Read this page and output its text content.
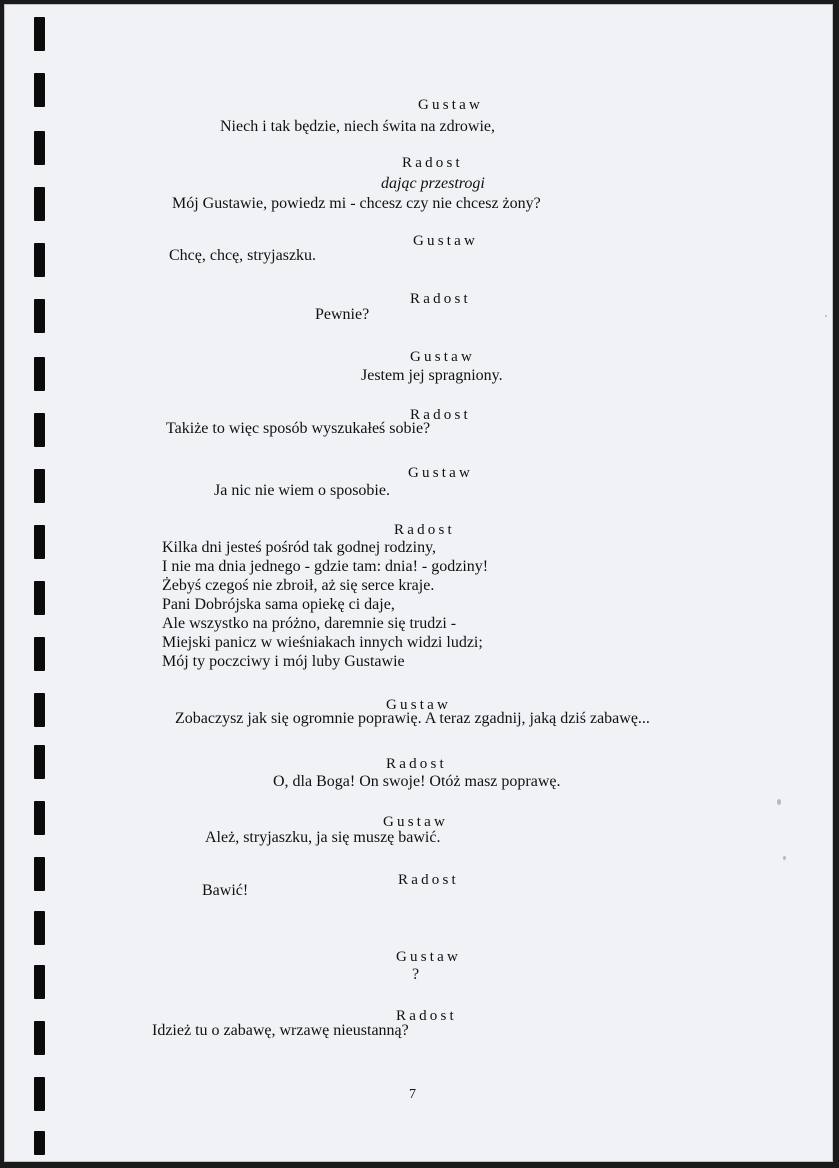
Gustaw
Niech i tak będzie, niech świta na zdrowie,
Radost
dając przestrogi
Mój Gustawie, powiedz mi - chcesz czy nie chcesz żony?
Gustaw
Chcę, chcę, stryjaszku.
Radost
Pewnie?
Gustaw
Jestem jej spragniony.
Radost
Takiże to więc sposób wyszukałeś sobie?
Gustaw
Ja nic nie wiem o sposobie.
Radost
Kilka dni jesteś pośród tak godnej rodziny,
I nie ma dnia jednego - gdzie tam: dnia! - godziny!
Żebyś czegoś nie zbroił, aż się serce kraje.
Pani Dobrójska sama opiekę ci daje,
Ale wszystko na próżno, daremnie się trudzi -
Miejski panicz w wieśniakach innych widzi ludzi;
Mój ty poczciwy i mój luby Gustawie
Gustaw
Zobaczysz jak się ogromnie poprawię. A teraz zgadnij, jaką dziś zabawę...
Radost
O, dla Boga! On swoje! Otóż masz poprawę.
Gustaw
Ależ, stryjaszku, ja się muszę bawić.
Radost
Bawić!
Gustaw
?
Radost
Idzież tu o zabawę, wrzawę nieustanną?
7
